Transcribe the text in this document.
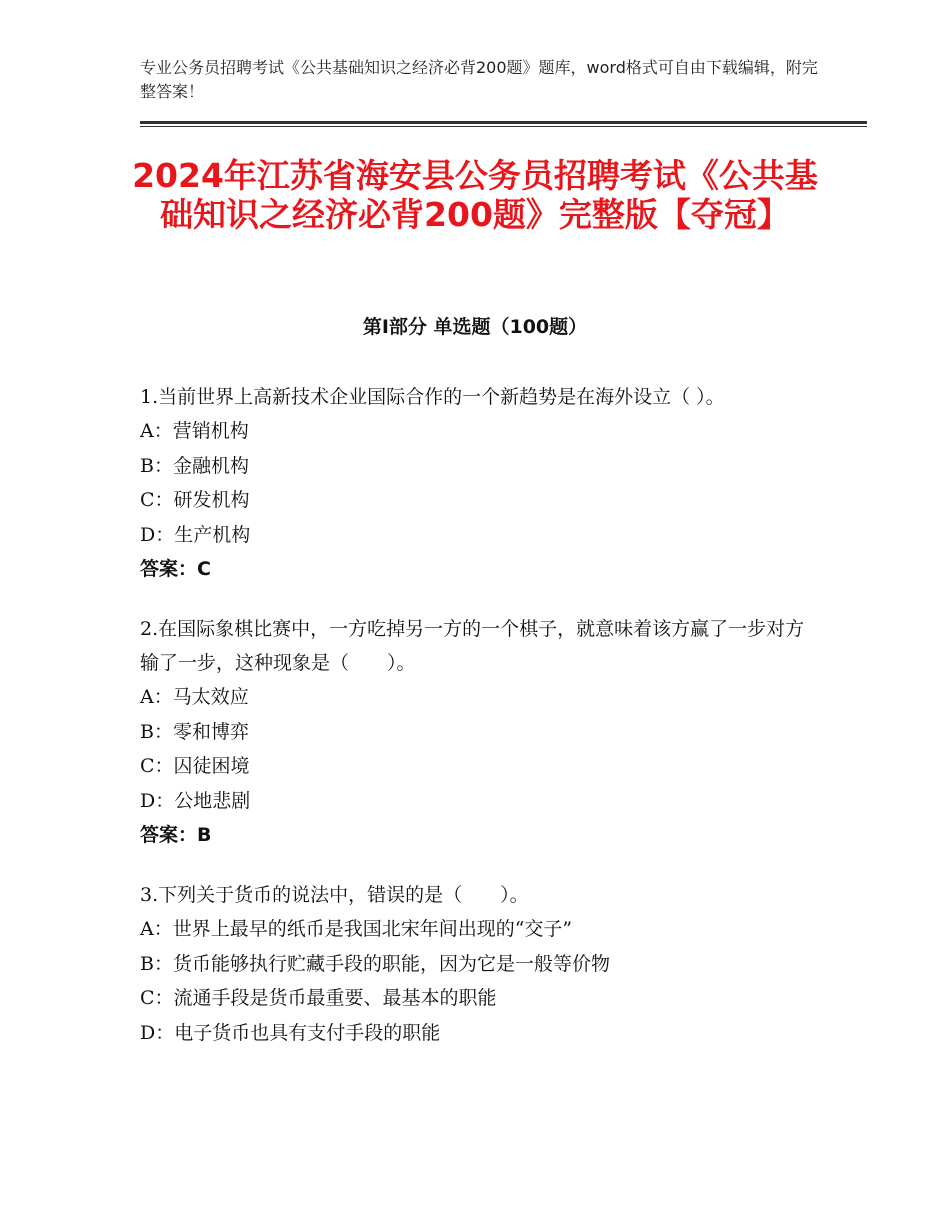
专业公务员招聘考试《公共基础知识之经济必背200题》题库，word格式可自由下载编辑，附完整答案！
2024年江苏省海安县公务员招聘考试《公共基础知识之经济必背200题》完整版【夺冠】
第Ⅰ部分 单选题（100题）

1.当前世界上高新技术企业国际合作的一个新趋势是在海外设立（ ）。

A：营销机构

B：金融机构

C：研发机构

D：生产机构

答案：C

2.在国际象棋比赛中，一方吃掉另一方的一个棋子，就意味着该方赢了一步对方输了一步，这种现象是（　　）。

A：马太效应

B：零和博弈

C：囚徒困境

D：公地悲剧

答案：B

3.下列关于货币的说法中，错误的是（　　）。

A：世界上最早的纸币是我国北宋年间出现的“交子”

B：货币能够执行贮藏手段的职能，因为它是一般等价物

C：流通手段是货币最重要、最基本的职能

D：电子货币也具有支付手段的职能
